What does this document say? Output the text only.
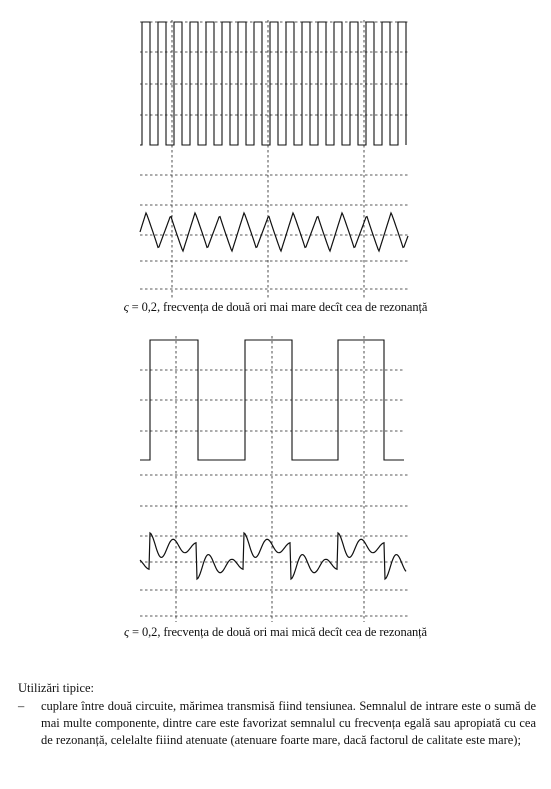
ς = 0,2, frecvența de două ori mai mare decît cea de rezonanță
ς = 0,2, frecvența de două ori mai mică decît cea de rezonanță
Utilizări tipice:
– cuplare între două circuite, mărimea transmisă fiind tensiunea. Semnalul de intrare este o sumă de mai multe componente, dintre care este favorizat semnalul cu frecvența egală sau apropiată cu cea de rezonanță, celelalte fiiind atenuate (atenuare foarte mare, dacă factorul de calitate este mare);
